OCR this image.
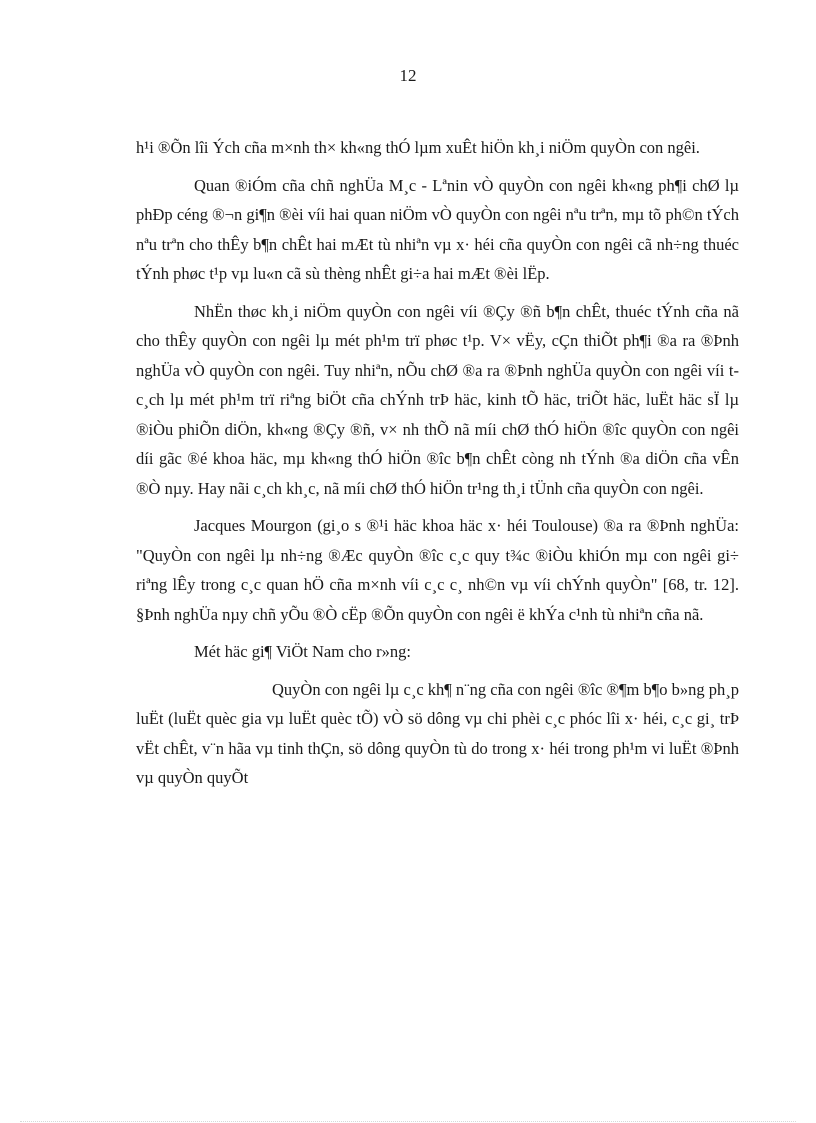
12

h¹i ®Õn lîi Ých cña m×nh th× kh«ng thÓ lµm xuÊt hiÖn kh¸i niÖm quyÒn con ngêi.

Quan ®iÓm cña chñ nghÜa M¸c - Lªnin vÒ quyÒn con ngêi kh«ng ph¶i chØ lµ phÐp céng ®¬n gi¶n ®èi víi hai quan niÖm vÒ quyÒn con ngêi nªu trªn, mµ tõ ph©n tÝch nªu trªn cho thÊy b¶n chÊt hai mÆt tù nhiªn vµ x· héi cña quyÒn con ngêi cã nh÷ng thuéc tÝnh phøc t¹p vµ lu«n cã sù thèng nhÊt gi÷a hai mÆt ®èi lËp.

NhËn thøc kh¸i niÖm quyÒn con ngêi víi ®Çy ®ñ b¶n chÊt, thuéc tÝnh cña nã cho thÊy quyÒn con ngêi lµ mét ph¹m trï phøc t¹p. V× vËy, cÇn thiÕt ph¶i ®a ra ®Þnh nghÜa vÒ quyÒn con ngêi. Tuy nhiªn, nÕu chØ ®a ra ®Þnh nghÜa quyÒn con ngêi víi t c¸ch lµ mét ph¹m trï riªng biÖt cña chÝnh trÞ häc, kinh tÕ häc, triÕt häc, luËt häc sÏ lµ ®iÒu phiÕn diÖn, kh«ng ®Çy ®ñ, v× nh thÕ nã míi chØ thÓ hiÖn ®îc quyÒn con ngêi díi gãc ®é khoa häc, mµ kh«ng thÓ hiÖn ®îc b¶n chÊt còng nh tÝnh ®a diÖn cña vÊn ®Ò nµy. Hay nãi c¸ch kh¸c, nã míi chØ thÓ hiÖn tr¹ng th¸i tÜnh cña quyÒn con ngêi.

Jacques Mourgon (gi¸o s ®¹i häc khoa häc x· héi Toulouse) ®a ra ®Þnh nghÜa: "QuyÒn con ngêi lµ nh÷ng ®Æc quyÒn ®îc c¸c quy t¾c ®iÒu khiÓn mµ con ngêi gi÷ riªng lÊy trong c¸c quan hÖ cña m×nh víi c¸c c¸ nh©n vµ víi chÝnh quyÒn" [68, tr. 12]. §Þnh nghÜa nµy chñ yÕu ®Ò cËp ®Õn quyÒn con ngêi ë khÝa c¹nh tù nhiªn cña nã.

Mét häc gi¶ ViÖt Nam cho r»ng:

QuyÒn con ngêi lµ c¸c kh¶ n¨ng cña con ngêi ®îc ®¶m b¶o b»ng ph¸p luËt (luËt quèc gia vµ luËt quèc tÕ) vÒ sö dông vµ chi phèi c¸c phóc lîi x· héi, c¸c gi¸ trÞ vËt chÊt, v¨n hãa vµ tinh thÇn, sö dông quyÒn tù do trong x· héi trong ph¹m vi luËt ®Þnh vµ quyÒn quyÕt
